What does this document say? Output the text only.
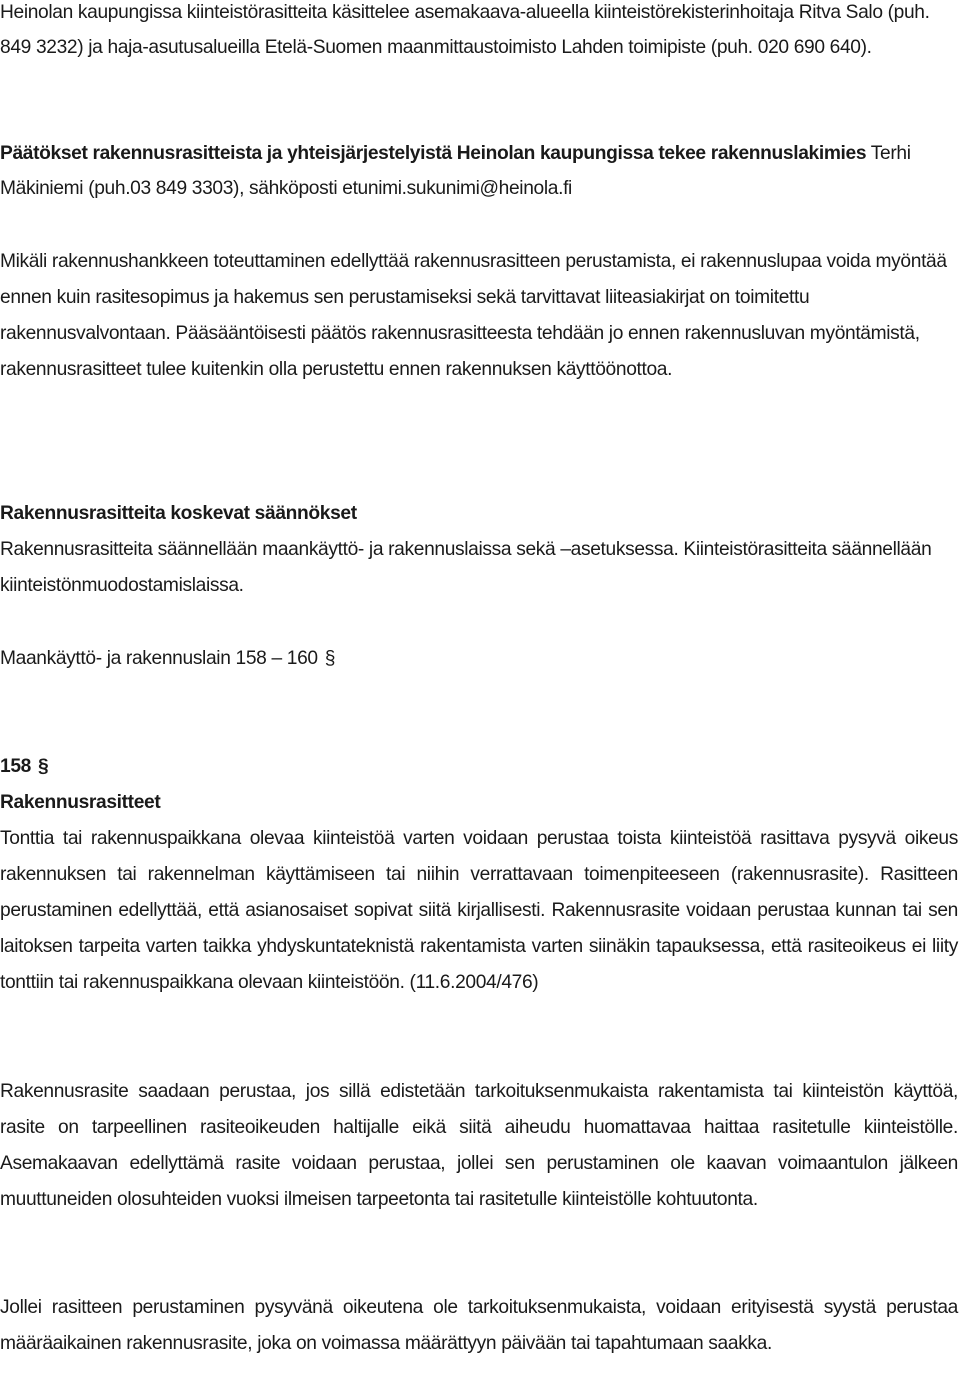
Heinolan kaupungissa kiinteistörasitteita käsittelee asemakaava-alueella kiinteistörekisterinhoitaja Ritva Salo (puh. 849 3232) ja haja-asutusalueilla Etelä-Suomen maanmittaustoimisto Lahden toimipiste (puh. 020 690 640).

Päätökset rakennusrasitteista ja yhteisjärjestelyistä Heinolan kaupungissa tekee rakennuslakimies Terhi Mäkiniemi (puh.03 849 3303), sähköposti etunimi.sukunimi@heinola.fi

Mikäli rakennushankkeen toteuttaminen edellyttää rakennusrasitteen perustamista, ei rakennuslupaa voida myöntää ennen kuin rasitesopimus ja hakemus sen perustamiseksi sekä tarvittavat liiteasiakirjat on toimitettu rakennusvalvontaan. Pääsääntöisesti päätös rakennusrasitteesta tehdään jo ennen rakennusluvan myöntämistä, rakennusrasitteet tulee kuitenkin olla perustettu ennen rakennuksen käyttöönottoa.

Rakennusrasitteita koskevat säännökset

Rakennusrasitteita säännellään maankäyttö- ja rakennuslaissa sekä –asetuksessa. Kiinteistörasitteita säännellään kiinteistönmuodostamislaissa.

Maankäyttö- ja rakennuslain 158 – 160 §

158 §

Rakennusrasitteet

Tonttia tai rakennuspaikkana olevaa kiinteistöä varten voidaan perustaa toista kiinteistöä rasittava pysyvä oikeus rakennuksen tai rakennelman käyttämiseen tai niihin verrattavaan toimenpiteeseen (rakennusrasite). Rasitteen perustaminen edellyttää, että asianosaiset sopivat siitä kirjallisesti. Rakennusrasite voidaan perustaa kunnan tai sen laitoksen tarpeita varten taikka yhdyskuntateknistä rakentamista varten siinäkin tapauksessa, että rasiteoikeus ei liity tonttiin tai rakennuspaikkana olevaan kiinteistöön. (11.6.2004/476)

Rakennusrasite saadaan perustaa, jos sillä edistetään tarkoituksenmukaista rakentamista tai kiinteistön käyttöä, rasite on tarpeellinen rasiteoikeuden haltijalle eikä siitä aiheudu huomattavaa haittaa rasitetulle kiinteistölle. Asemakaavan edellyttämä rasite voidaan perustaa, jollei sen perustaminen ole kaavan voimaantulon jälkeen muuttuneiden olosuhteiden vuoksi ilmeisen tarpeetonta tai rasitetulle kiinteistölle kohtuutonta.

Jollei rasitteen perustaminen pysyvänä oikeutena ole tarkoituksenmukaista, voidaan erityisestä syystä perustaa määräaikainen rakennusrasite, joka on voimassa määrättyyn päivään tai tapahtumaan saakka.
